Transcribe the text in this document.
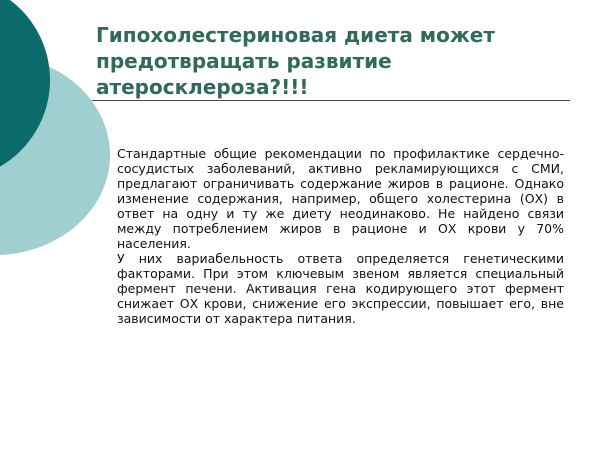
Гипохолестериновая диета может предотвращать развитие атеросклероза?!!!

Стандартные общие рекомендации по профилактике сердечно-сосудистых заболеваний, активно рекламирующихся с СМИ, предлагают ограничивать содержание жиров в рационе. Однако изменение содержания, например, общего холестерина (ОХ) в ответ на одну и ту же диету неодинаково. Не найдено связи между потреблением жиров в рационе и ОХ крови у 70% населения.

У них вариабельность ответа определяется генетическими факторами. При этом ключевым звеном является специальный фермент печени. Активация гена кодирующего этот фермент снижает ОХ крови, снижение его экспрессии, повышает его, вне зависимости от характера питания.
